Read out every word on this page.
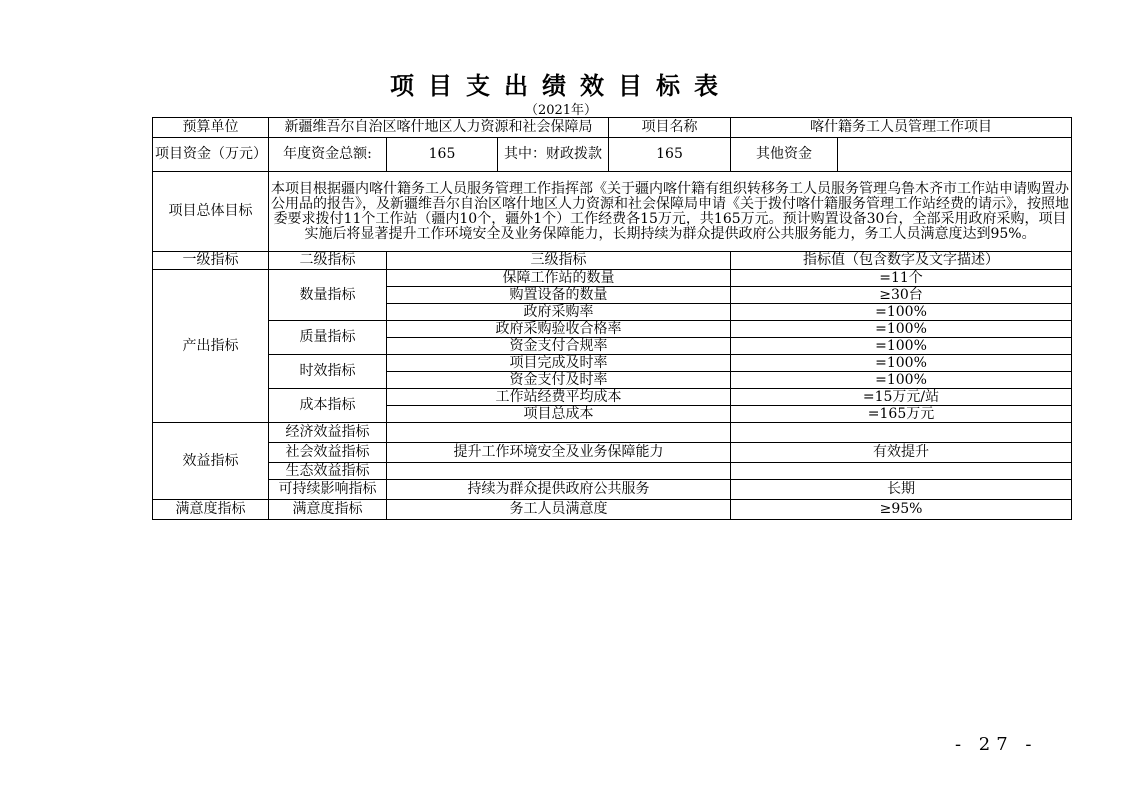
项目支出绩效目标表
（2021年）
预算单位	新疆维吾尔自治区喀什地区人力资源和社会保障局			项目名称	喀什籍务工人员管理工作项目	
项目资金（万元）	年度资金总额:	165	其中：财政拨款	165	其他资金	
项目总体目标	本项目根据疆内喀什籍务工人员服务管理工作指挥部《关于疆内喀什籍有组织转移务工人员服务管理乌鲁木齐市工作站申请购置办公用品的报告》，及新疆维吾尔自治区喀什地区人力资源和社会保障局申请《关于拨付喀什籍服务管理工作站经费的请示》，按照地委要求拨付11个工作站（疆内10个，疆外1个）工作经费各15万元，共165万元。预计购置设备30台，全部采用政府采购，项目实施后将显著提升工作环境安全及业务保障能力，长期持续为群众提供政府公共服务能力，务工人员满意度达到95%。					
一级指标	二级指标	三级指标			指标值（包含数字及文字描述）	
产出指标	数量指标	保障工作站的数量			=11个	
		购置设备的数量			≥30台	
		政府采购率			=100%	
	质量指标	政府采购验收合格率			=100%	
		资金支付合规率			=100%	
	时效指标	项目完成及时率			=100%	
		资金支付及时率			=100%	
	成本指标	工作站经费平均成本			=15万元/站	
		项目总成本			=165万元	
效益指标	经济效益指标					
	社会效益指标	提升工作环境安全及业务保障能力			有效提升	
	生态效益指标					
	可持续影响指标	持续为群众提供政府公共服务			长期	
满意度指标	满意度指标	务工人员满意度			≥95%	
- 27 -
